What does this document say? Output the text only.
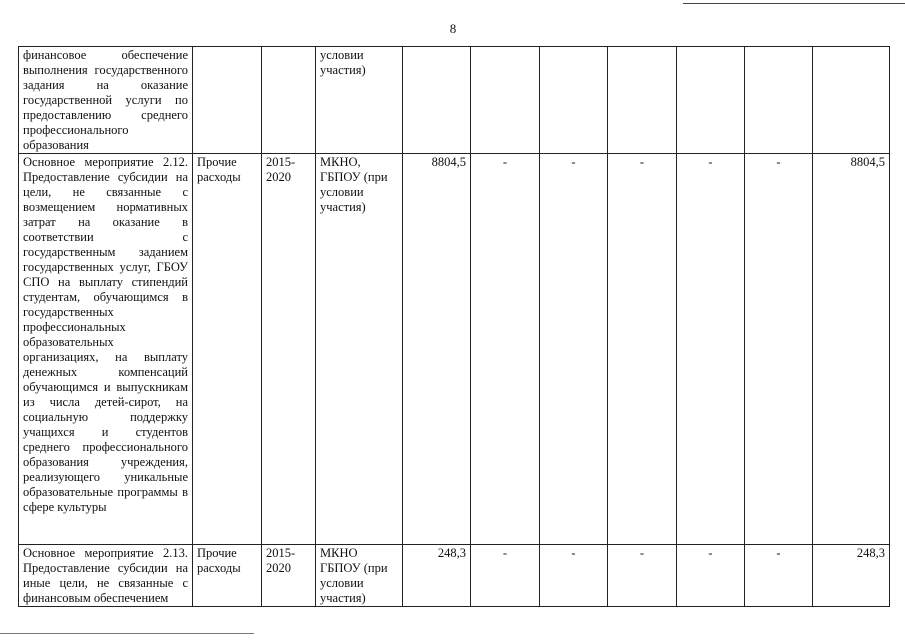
8
финансовое обеспечение выполнения государственного задания на оказание государственной услуги по предоставлению среднего профессионального образования			условии участия)							
Основное мероприятие 2.12. Предоставление субсидии на цели, не связанные с возмещением нормативных затрат на оказание в соответствии с государственным заданием государственных услуг, ГБОУ СПО на выплату стипендий студентам, обучающимся в государственных профессиональных образовательных организациях, на выплату денежных компенсаций обучающимся и выпускникам из числа детей-сирот, на социальную поддержку учащихся и студентов среднего профессионального образования учреждения, реализующего уникальные образовательные программы в сфере культуры	Прочие расходы	2015-2020	МКНО, ГБПОУ (при условии участия)	8804,5	-	-	-	-	-	8804,5
Основное мероприятие 2.13. Предоставление субсидии на иные цели, не связанные с финансовым обеспечением	Прочие расходы	2015-2020	МКНО ГБПОУ (при условии участия)	248,3	-	-	-	-	-	248,3
